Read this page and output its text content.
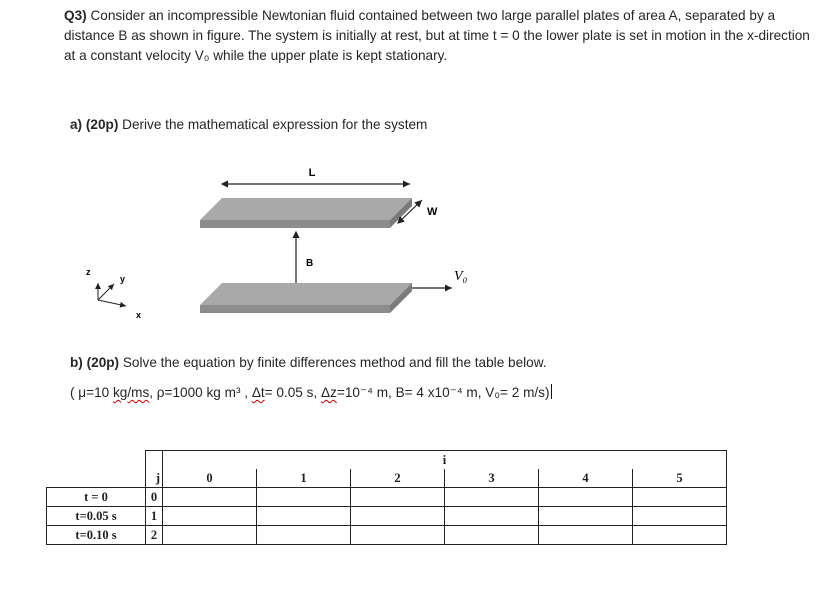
Q3) Consider an incompressible Newtonian fluid contained between two large parallel plates of area A, separated by a distance B as shown in figure. The system is initially at rest, but at time t = 0 the lower plate is set in motion in the x-direction at a constant velocity V₀ while the upper plate is kept stationary.
a) (20p) Derive the mathematical expression for the system
L
W
B
V₀
z
y
x
b) (20p) Solve the equation by finite differences method and fill the table below.
( μ=10 kg/ms, ρ=1000 kg m³ , Δt= 0.05 s, Δz=10⁻⁴ m, B= 4 x10⁻⁴ m, V₀= 2 m/s)
		i					
	j	0	1	2	3	4	5
t = 0	0						
t=0.05 s	1						
t=0.10 s	2						
